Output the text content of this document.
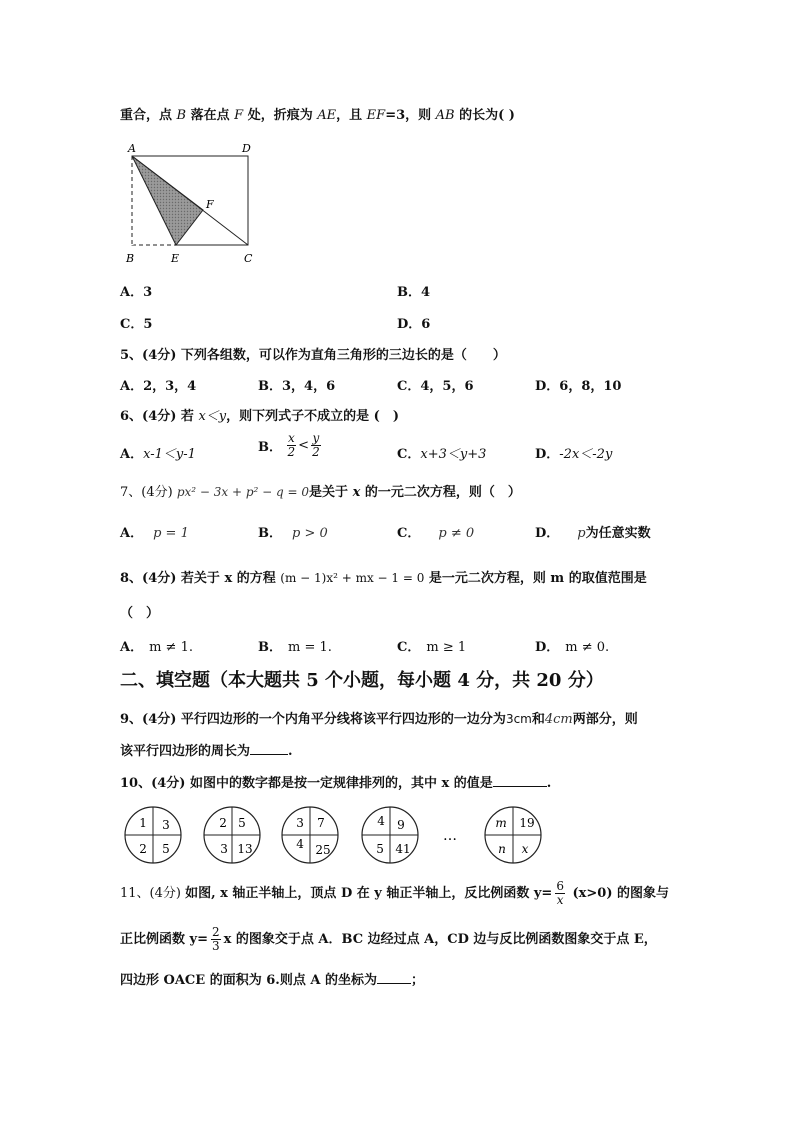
重合，点 B 落在点 F 处，折痕为 AE，且 EF=3，则 AB 的长为( )
A	D
F
B	E	C
A．3	B．4
C．5	D．6
5、(4分) 下列各组数，可以作为直角三角形的三边长的是（　　）
A．2，3，4	B．3，4，6	C．4，5，6	D．6，8，10
6、(4分) 若 x＜y，则下列式子不成立的是 (　)
A．x-1＜y-1	B． $\frac{x}{2} < \frac{y}{2}$	C．x+3＜y+3	D．-2x＜-2y
7、(4分) px² − 3x + p² − q = 0是关于 x 的一元二次方程，则（　）
A． p = 1	B． p > 0	C． p ≠ 0	D． p为任意实数
8、(4分) 若关于 x 的方程 (m − 1)x² + mx − 1 = 0 是一元二次方程，则 m 的取值范围是
（　）
A． m ≠ 1.	B． m = 1.	C． m ≥ 1	D． m ≠ 0.
二、填空题（本大题共 5 个小题，每小题 4 分，共 20 分）
9、(4分) 平行四边形的一个内角平分线将该平行四边形的一边分为3cm和4cm两部分，则
该平行四边形的周长为	.
10、(4分) 如图中的数字都是按一定规律排列的，其中 x 的值是	.
1 3
2 5
2 5
3 13
3 7
4 25
4 9
5 41
…
m 19
n x
11、(4分) 如图, x 轴正半轴上，顶点 D 在 y 轴正半轴上，反比例函数 $y= \frac{6}{x} (x>0)$ 的图象与
正比例函数 $y= \frac{2}{3}$ x 的图象交于点 A．BC 边经过点 A，CD 边与反比例函数图象交于点 E，
四边形 OACE 的面积为 6.则点 A 的坐标为	；
